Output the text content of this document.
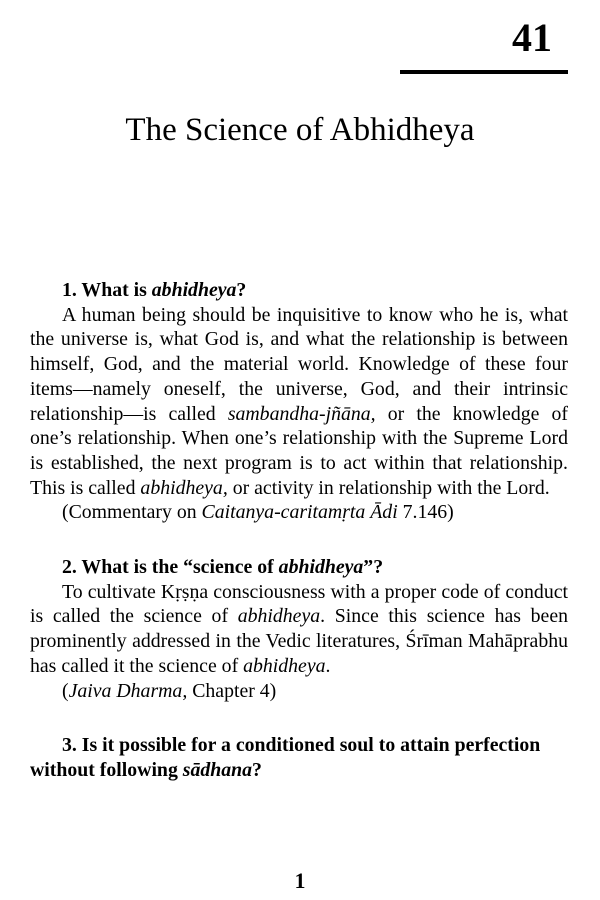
41
The Science of Abhidheya

1. What is abhidheya?

A human being should be inquisitive to know who he is, what the universe is, what God is, and what the relationship is between himself, God, and the material world. Knowledge of these four items—namely oneself, the universe, God, and their intrinsic relationship—is called sambandha-jñāna, or the knowledge of one’s relationship. When one’s relationship with the Supreme Lord is established, the next program is to act within that relationship. This is called abhidheya, or activity in relationship with the Lord.

(Commentary on Caitanya-caritamṛta Ādi 7.146)

2. What is the “science of abhidheya”?

To cultivate Kṛṣṇa consciousness with a proper code of conduct is called the science of abhidheya. Since this science has been prominently addressed in the Vedic literatures, Śrīman Mahāprabhu has called it the science of abhidheya.

(Jaiva Dharma, Chapter 4)

3. Is it possible for a conditioned soul to attain perfection without following sādhana?

1
